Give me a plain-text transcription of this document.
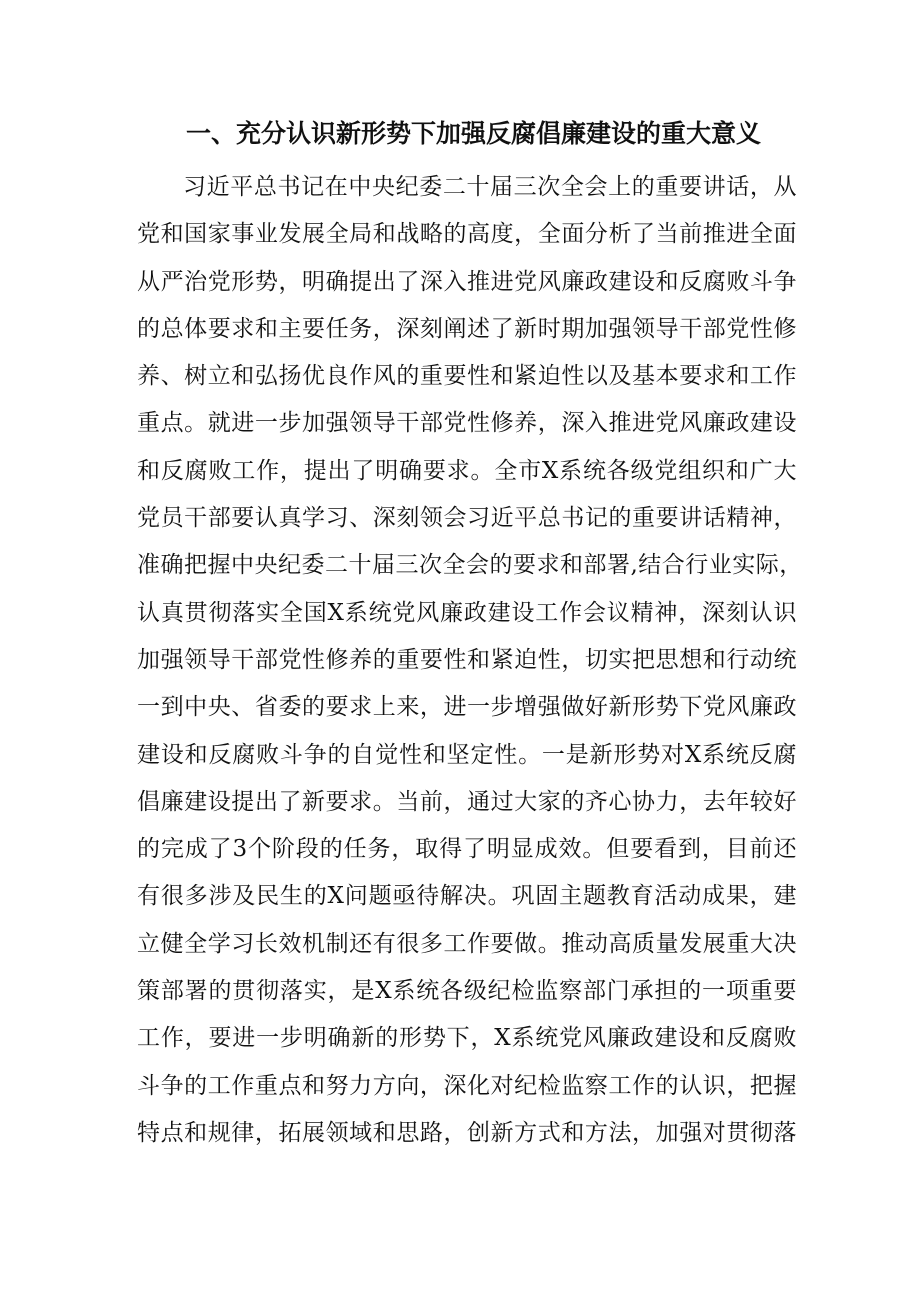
一、充分认识新形势下加强反腐倡廉建设的重大意义
习近平总书记在中央纪委二十届三次全会上的重要讲话，从
党和国家事业发展全局和战略的高度，全面分析了当前推进全面
从严治党形势，明确提出了深入推进党风廉政建设和反腐败斗争
的总体要求和主要任务，深刻阐述了新时期加强领导干部党性修
养、树立和弘扬优良作风的重要性和紧迫性以及基本要求和工作
重点。就进一步加强领导干部党性修养，深入推进党风廉政建设
和反腐败工作，提出了明确要求。全市X系统各级党组织和广大
党员干部要认真学习、深刻领会习近平总书记的重要讲话精神，
准确把握中央纪委二十届三次全会的要求和部署,结合行业实际，
认真贯彻落实全国X系统党风廉政建设工作会议精神，深刻认识
加强领导干部党性修养的重要性和紧迫性，切实把思想和行动统
一到中央、省委的要求上来，进一步增强做好新形势下党风廉政
建设和反腐败斗争的自觉性和坚定性。一是新形势对X系统反腐
倡廉建设提出了新要求。当前，通过大家的齐心协力，去年较好
的完成了3个阶段的任务，取得了明显成效。但要看到，目前还
有很多涉及民生的X问题亟待解决。巩固主题教育活动成果，建
立健全学习长效机制还有很多工作要做。推动高质量发展重大决
策部署的贯彻落实，是X系统各级纪检监察部门承担的一项重要
工作，要进一步明确新的形势下，X系统党风廉政建设和反腐败
斗争的工作重点和努力方向，深化对纪检监察工作的认识，把握
特点和规律，拓展领域和思路，创新方式和方法，加强对贯彻落
